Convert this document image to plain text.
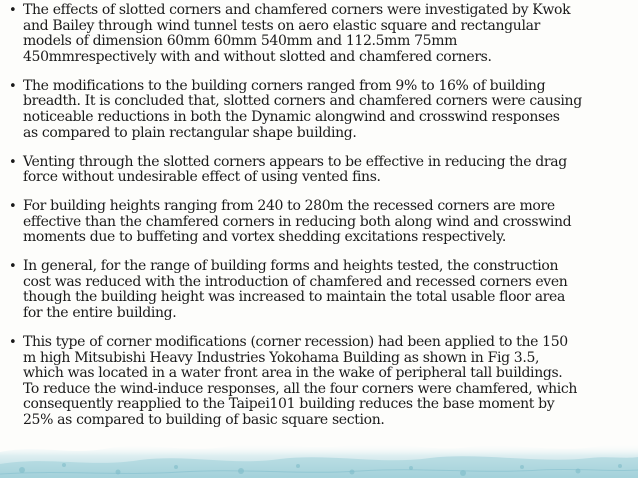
• The effects of slotted corners and chamfered corners were investigated by Kwok
and Bailey through wind tunnel tests on aero elastic square and rectangular
models of dimension 60mm 60mm 540mm and 112.5mm 75mm
450mmrespectively with and without slotted and chamfered corners.
• The modifications to the building corners ranged from 9% to 16% of building
breadth. It is concluded that, slotted corners and chamfered corners were causing
noticeable reductions in both the Dynamic alongwind and crosswind responses
as compared to plain rectangular shape building.
• Venting through the slotted corners appears to be effective in reducing the drag
force without undesirable effect of using vented fins.
• For building heights ranging from 240 to 280m the recessed corners are more
effective than the chamfered corners in reducing both along wind and crosswind
moments due to buffeting and vortex shedding excitations respectively.
• In general, for the range of building forms and heights tested, the construction
cost was reduced with the introduction of chamfered and recessed corners even
though the building height was increased to maintain the total usable floor area
for the entire building.
• This type of corner modifications (corner recession) had been applied to the 150
m high Mitsubishi Heavy Industries Yokohama Building as shown in Fig 3.5,
which was located in a water front area in the wake of peripheral tall buildings.
To reduce the wind-induce responses, all the four corners were chamfered, which
consequently reapplied to the Taipei101 building reduces the base moment by
25% as compared to building of basic square section.
